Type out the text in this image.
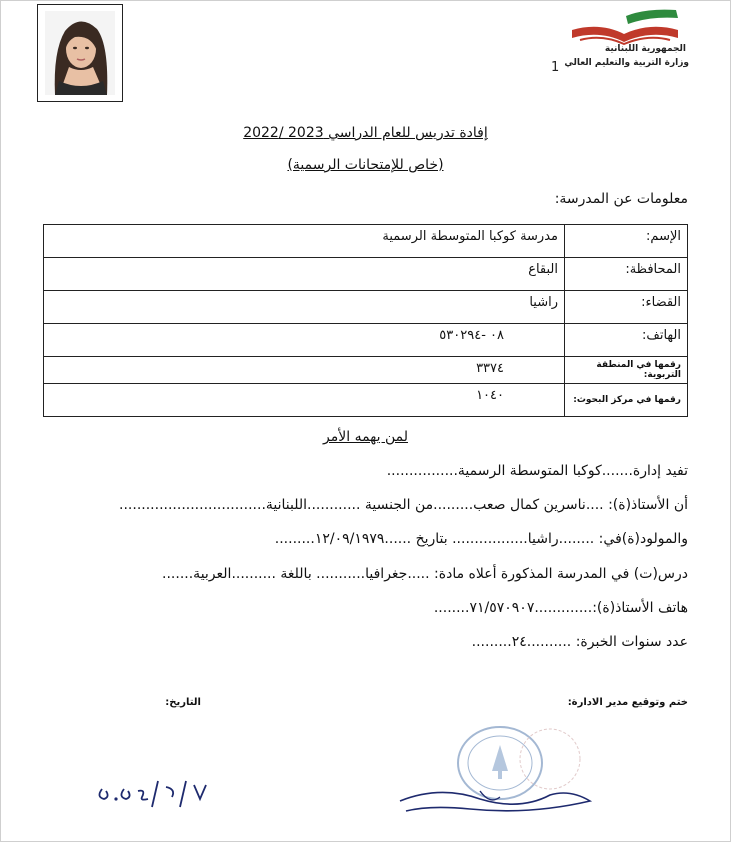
الجمهورية اللبنانية
وزارة التربية والتعليم العالي
1
إفادة تدريس للعام الدراسي 2023 /2022
(خاص للإمتحانات الرسمية)
معلومات عن المدرسة:
الإسم:	مدرسة كوكبا المتوسطة الرسمية
المحافظة:	البقاع
القضاء:	راشيا
الهاتف:	٠٨ -٥٣٠٢٩٤
رقمها في المنطقة التربوية:	٣٣٧٤
رقمها في مركز البحوث:	١٠٤٠
لمن يهمه الأمر
تفيد إدارة.......كوكبا المتوسطة الرسمية................
أن الأستاذ(ة): ....ناسرين كمال صعب.........من الجنسية ............اللبنانية.................................
والمولود(ة)في: ........راشيا................. بتاريخ ......١٢/٠٩/١٩٧٩.........
درس(ت) في المدرسة المذكورة أعلاه مادة: .....جغرافيا........... باللغة ..........العربية.......
هاتف الأستاذ(ة):.............٧١/٥٧٠٩٠٧........
عدد سنوات الخبرة: ..........٢٤.........
ختم وتوقيع مدير الادارة:
التاريخ:
